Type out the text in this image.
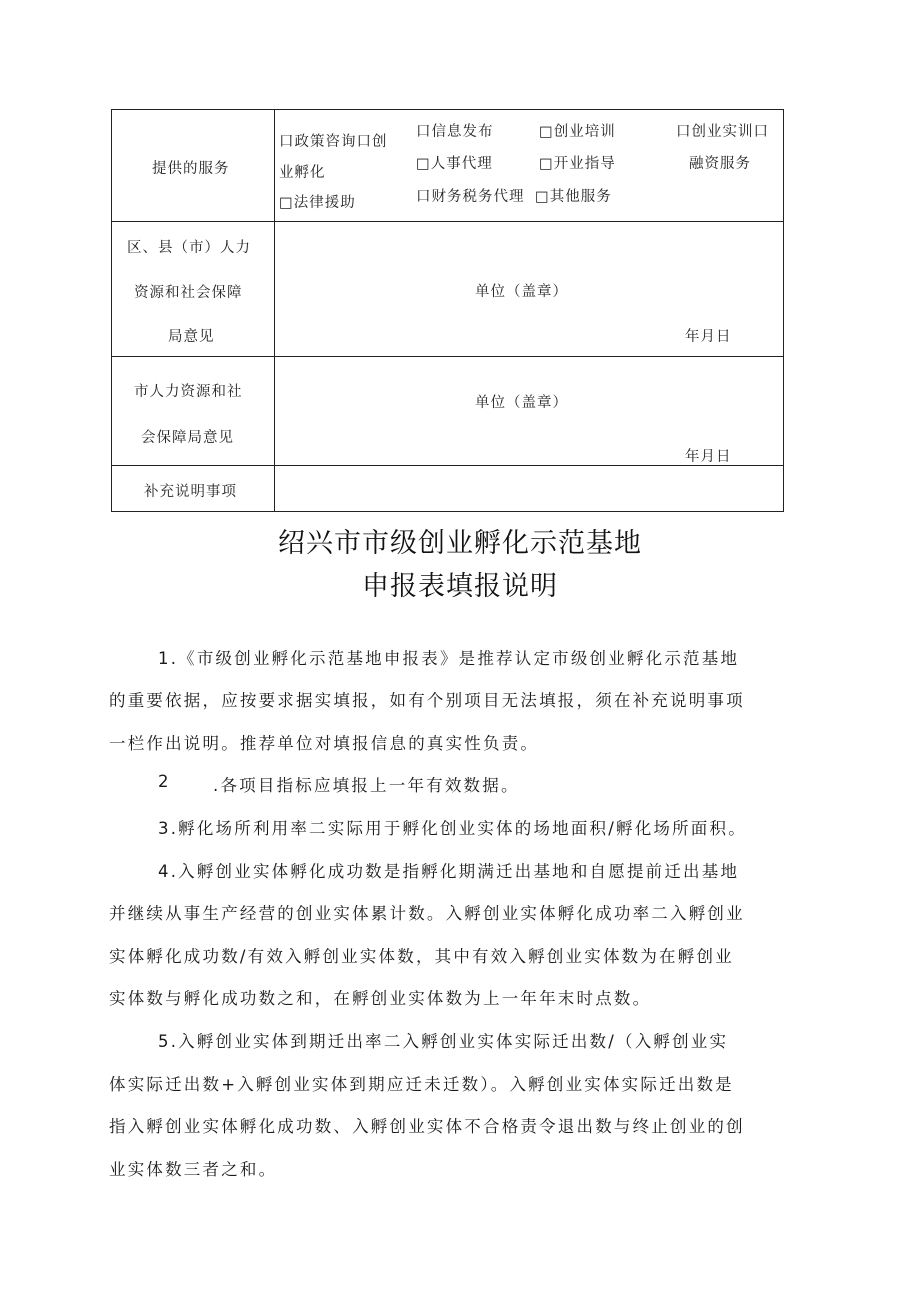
提供的服务
口政策咨询口创
业孵化
□法律援助
口信息发布
□人事代理
口财务税务代理
□创业培训
□开业指导
□其他服务
口创业实训口
融资服务
区、县（市）人力
资源和社会保障
局意见
单位（盖章）
年月日
市人力资源和社
会保障局意见
单位（盖章）
年月日
补充说明事项
绍兴市市级创业孵化示范基地
申报表填报说明
1.《市级创业孵化示范基地申报表》是推荐认定市级创业孵化示范基地
的重要依据，应按要求据实填报，如有个别项目无法填报，须在补充说明事项
一栏作出说明。推荐单位对填报信息的真实性负责。
2	.各项目指标应填报上一年有效数据。
3.孵化场所利用率二实际用于孵化创业实体的场地面积/孵化场所面积。
4.入孵创业实体孵化成功数是指孵化期满迁出基地和自愿提前迁出基地
并继续从事生产经营的创业实体累计数。入孵创业实体孵化成功率二入孵创业
实体孵化成功数/有效入孵创业实体数，其中有效入孵创业实体数为在孵创业
实体数与孵化成功数之和，在孵创业实体数为上一年年末时点数。
5.入孵创业实体到期迁出率二入孵创业实体实际迁出数/（入孵创业实
体实际迁出数+入孵创业实体到期应迁未迁数）。入孵创业实体实际迁出数是
指入孵创业实体孵化成功数、入孵创业实体不合格责令退出数与终止创业的创
业实体数三者之和。
